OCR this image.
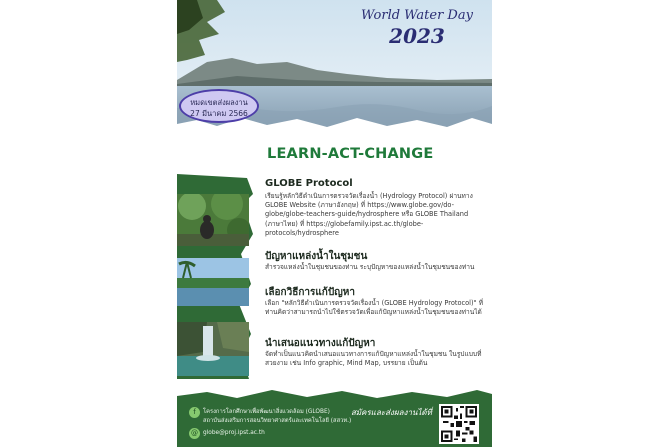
World Water Day
2023
หมดเขตส่งผลงาน
27 มีนาคม 2566
LEARN-ACT-CHANGE
GLOBE Protocol
เรียนรู้หลักวิธีดำเนินการตรวจวัดเรื่องน้ำ (Hydrology Protocol) ผ่านทาง GLOBE Website (ภาษาอังกฤษ) ที่ https://www.globe.gov/do-globe/globe-teachers-guide/hydrosphere หรือ GLOBE Thailand (ภาษาไทย) ที่ https://globefamily.ipst.ac.th/globe-protocols/hydrosphere
ปัญหาแหล่งน้ำในชุมชน
สำรวจแหล่งน้ำในชุมชนของท่าน ระบุปัญหาของแหล่งน้ำในชุมชนของท่าน
เลือกวิธีการแก้ปัญหา
เลือก "หลักวิธีดำเนินการตรวจวัดเรื่องน้ำ (GLOBE Hydrology Protocol)" ที่ท่านคิดว่าสามารถนำไปใช้ตรวจวัดเพื่อแก้ปัญหาแหล่งน้ำในชุมชนของท่านได้
นำเสนอแนวทางแก้ปัญหา
จัดทำเป็นแนวคิดนำเสนอแนวทางการแก้ปัญหาแหล่งน้ำในชุมชน ในรูปแบบที่สวยงาม เช่น Info graphic, Mind Map, บรรยาย เป็นต้น
f	โครงการโลกศึกษาเพื่อพัฒนาสิ่งแวดล้อม (GLOBE)
สถาบันส่งเสริมการสอนวิทยาศาสตร์และเทคโนโลยี (สสวท.)
@ globe@proj.ipst.ac.th
สมัครและส่งผลงานได้ที่
